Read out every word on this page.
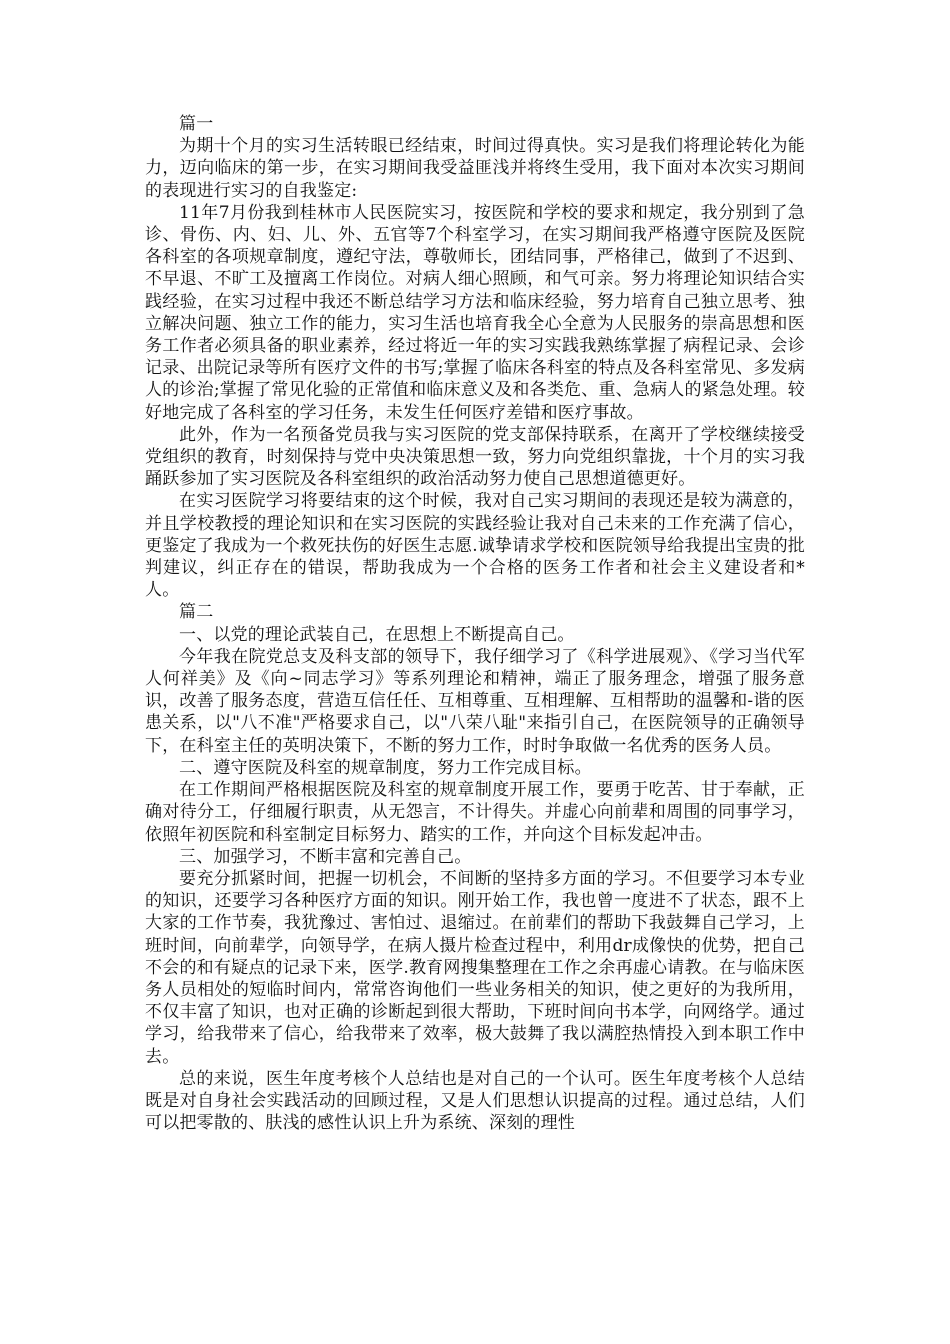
篇一

为期十个月的实习生活转眼已经结束，时间过得真快。实习是我们将理论转化为能力，迈向临床的第一步，在实习期间我受益匪浅并将终生受用，我下面对本次实习期间的表现进行实习的自我鉴定:

11年7月份我到桂林市人民医院实习，按医院和学校的要求和规定，我分别到了急诊、骨伤、内、妇、儿、外、五官等7个科室学习，在实习期间我严格遵守医院及医院各科室的各项规章制度，遵纪守法，尊敬师长，团结同事，严格律己，做到了不迟到、不早退、不旷工及擅离工作岗位。对病人细心照顾，和气可亲。努力将理论知识结合实践经验，在实习过程中我还不断总结学习方法和临床经验，努力培育自己独立思考、独立解决问题、独立工作的能力，实习生活也培育我全心全意为人民服务的崇高思想和医务工作者必须具备的职业素养，经过将近一年的实习实践我熟练掌握了病程记录、会诊记录、出院记录等所有医疗文件的书写;掌握了临床各科室的特点及各科室常见、多发病人的诊治;掌握了常见化验的正常值和临床意义及和各类危、重、急病人的紧急处理。较好地完成了各科室的学习任务，未发生任何医疗差错和医疗事故。

此外，作为一名预备党员我与实习医院的党支部保持联系，在离开了学校继续接受党组织的教育，时刻保持与党中央决策思想一致，努力向党组织靠拢，十个月的实习我踊跃参加了实习医院及各科室组织的政治活动努力使自己思想道德更好。

在实习医院学习将要结束的这个时候，我对自己实习期间的表现还是较为满意的，并且学校教授的理论知识和在实习医院的实践经验让我对自己未来的工作充满了信心，更鉴定了我成为一个救死扶伤的好医生志愿.诚挚请求学校和医院领导给我提出宝贵的批判建议，纠正存在的错误，帮助我成为一个合格的医务工作者和社会主义建设者和*人。

篇二

一、以党的理论武装自己，在思想上不断提高自己。

今年我在院党总支及科支部的领导下，我仔细学习了《科学进展观》、《学习当代军人何祥美》及《向~同志学习》等系列理论和精神，端正了服务理念，增强了服务意识，改善了服务态度，营造互信任任、互相尊重、互相理解、互相帮助的温馨和-谐的医患关系，以"八不准"严格要求自己，以"八荣八耻"来指引自己，在医院领导的正确领导下，在科室主任的英明决策下，不断的努力工作，时时争取做一名优秀的医务人员。

二、遵守医院及科室的规章制度，努力工作完成目标。

在工作期间严格根据医院及科室的规章制度开展工作，要勇于吃苦、甘于奉献，正确对待分工，仔细履行职责，从无怨言，不计得失。并虚心向前辈和周围的同事学习，依照年初医院和科室制定目标努力、踏实的工作，并向这个目标发起冲击。

三、加强学习，不断丰富和完善自己。

要充分抓紧时间，把握一切机会，不间断的坚持多方面的学习。不但要学习本专业的知识，还要学习各种医疗方面的知识。刚开始工作，我也曾一度进不了状态，跟不上大家的工作节奏，我犹豫过、害怕过、退缩过。在前辈们的帮助下我鼓舞自己学习，上班时间，向前辈学，向领导学，在病人摄片检查过程中，利用dr成像快的优势，把自己不会的和有疑点的记录下来，医学.教育网搜集整理在工作之余再虚心请教。在与临床医务人员相处的短临时间内，常常咨询他们一些业务相关的知识，使之更好的为我所用，不仅丰富了知识，也对正确的诊断起到很大帮助，下班时间向书本学，向网络学。通过学习，给我带来了信心，给我带来了效率，极大鼓舞了我以满腔热情投入到本职工作中去。

总的来说，医生年度考核个人总结也是对自己的一个认可。医生年度考核个人总结既是对自身社会实践活动的回顾过程，又是人们思想认识提高的过程。通过总结，人们可以把零散的、肤浅的感性认识上升为系统、深刻的理性
